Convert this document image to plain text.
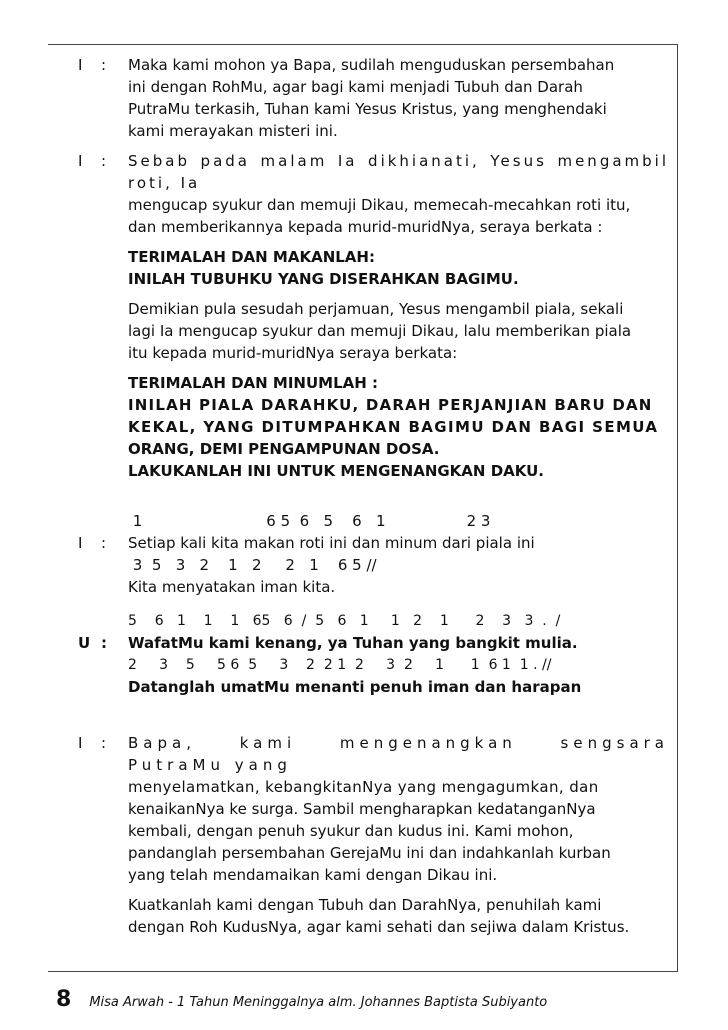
I	:	Maka kami mohon ya Bapa, sudilah menguduskan persembahan
ini dengan RohMu, agar bagi kami menjadi Tubuh dan Darah
PutraMu terkasih, Tuhan kami Yesus Kristus, yang menghendaki
kami merayakan misteri ini.
I	:	Sebab pada malam Ia dikhianati, Yesus mengambil roti, Ia
mengucap syukur dan memuji Dikau, memecah-mecahkan roti itu,
dan memberikannya kepada murid-muridNya, seraya berkata :
TERIMALAH DAN MAKANLAH:
INILAH TUBUHKU YANG DISERAHKAN BAGIMU.
Demikian pula sesudah perjamuan, Yesus mengambil piala, sekali
lagi Ia mengucap syukur dan memuji Dikau, lalu memberikan piala
itu kepada murid-muridNya seraya berkata:
TERIMALAH DAN MINUMLAH :
INILAH PIALA DARAHKU, DARAH PERJANJIAN BARU DAN
KEKAL, YANG DITUMPAHKAN BAGIMU DAN BAGI SEMUA
ORANG, DEMI PENGAMPUNAN DOSA.
LAKUKANLAH INI UNTUK MENGENANGKAN DAKU.
1                          6 5  6   5    6   1                 2 3
I	:	Setiap kali kita makan roti ini dan minum dari piala ini
3  5   3   2    1   2     2   1    6 5 //
Kita menyatakan iman kita.
5    6   1    1    1   65   6  /  5   6   1     1   2    1      2    3   3  .  /
U :	WafatMu kami kenang, ya Tuhan yang bangkit mulia.
2     3    5     5 6  5     3    2  2 1  2     3  2     1      1  6 1  1 . //
Datanglah umatMu menanti penuh iman dan harapan
I	:	Bapa, kami mengenangkan sengsara PutraMu yang
menyelamatkan, kebangkitanNya yang mengagumkan, dan
kenaikanNya ke surga. Sambil mengharapkan kedatanganNya
kembali, dengan penuh syukur dan kudus ini. Kami mohon,
pandanglah persembahan GerejaMu ini dan indahkanlah kurban
yang telah mendamaikan kami dengan Dikau ini.
Kuatkanlah kami dengan Tubuh dan DarahNya, penuhilah kami
dengan Roh KudusNya, agar kami sehati dan sejiwa dalam Kristus.
8 Misa Arwah - 1 Tahun Meninggalnya alm. Johannes Baptista Subiyanto
